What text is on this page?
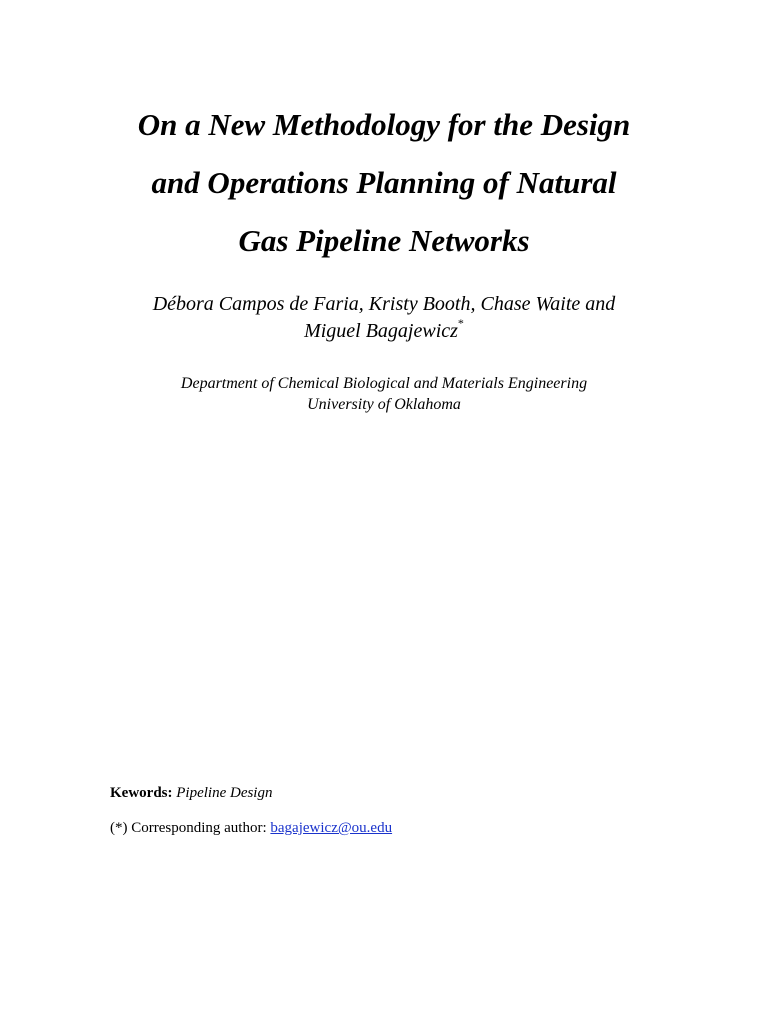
On a New Methodology for the Design
and Operations Planning of Natural
Gas Pipeline Networks
Débora Campos de Faria, Kristy Booth, Chase Waite and
Miguel Bagajewicz*
Department of Chemical Biological and Materials Engineering
University of Oklahoma
Kewords: Pipeline Design
(*) Corresponding author: bagajewicz@ou.edu
